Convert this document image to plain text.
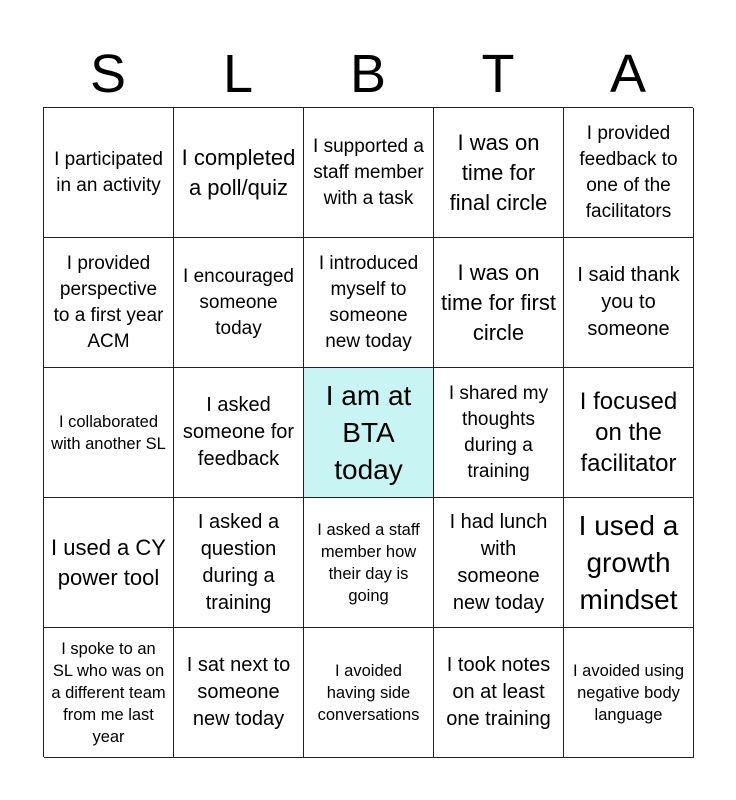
S	L	B	T	A
I participated in an activity
I completed a poll/quiz
I supported a staff member with a task
I was on time for final circle
I provided feedback to one of the facilitators
I provided perspective to a first year ACM
I encouraged someone today
I introduced myself to someone new today
I was on time for first circle
I said thank you to someone
I collaborated with another SL
I asked someone for feedback
I am at BTA today
I shared my thoughts during a training
I focused on the facilitator
I used a CY power tool
I asked a question during a training
I asked a staff member how their day is going
I had lunch with someone new today
I used a growth mindset
I spoke to an SL who was on a different team from me last year
I sat next to someone new today
I avoided having side conversations
I took notes on at least one training
I avoided using negative body language
